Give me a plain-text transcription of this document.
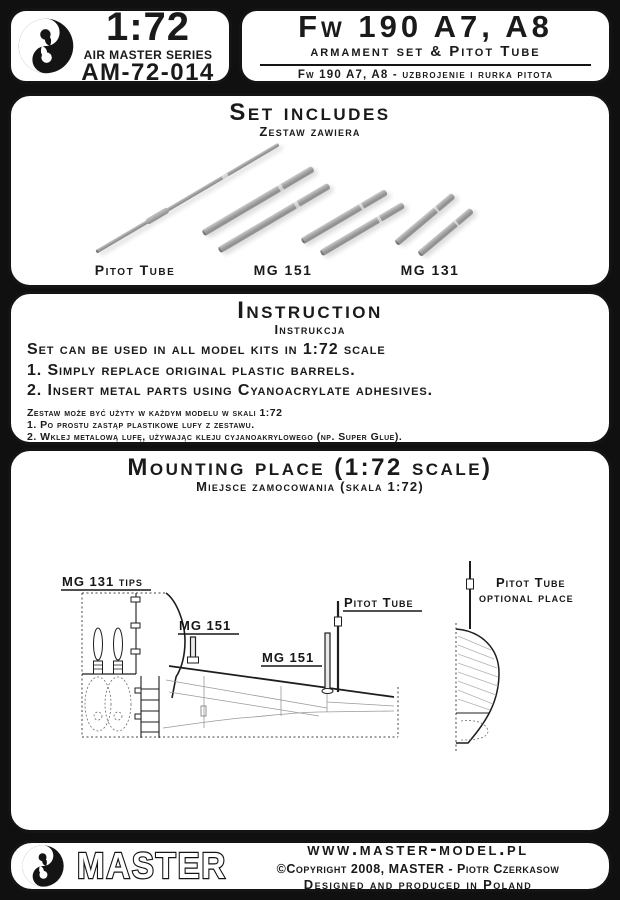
1:72
AIR MASTER SERIES
AM-72-014
Fw 190 A7, A8
armament set & Pitot Tube
Fw 190 A7, A8 - uzbrojenie i rurka pitota
Set includes
Zestaw zawiera
Pitot Tube	MG 151	MG 131
Instruction
Instrukcja
Set can be used in all model kits in 1:72 scale
1. Simply replace original plastic barrels.
2. Insert metal parts using Cyanoacrylate adhesives.
Zestaw może być użyty w każdym modelu w skali 1:72
1. Po prostu zastąp plastikowe lufy z zestawu.
2. Wklej metalową lufę, używając kleju cyjanoakrylowego (np. Super Glue).
Mounting place (1:72 scale)
Miejsce zamocowania (skala 1:72)
MG 131 tips
MG 151
MG 151
Pitot Tube
Pitot Tube
optional place
MASTER	www.master-model.pl
©Copyright 2008, MASTER - Piotr Czerkasow
Designed and produced in Poland
